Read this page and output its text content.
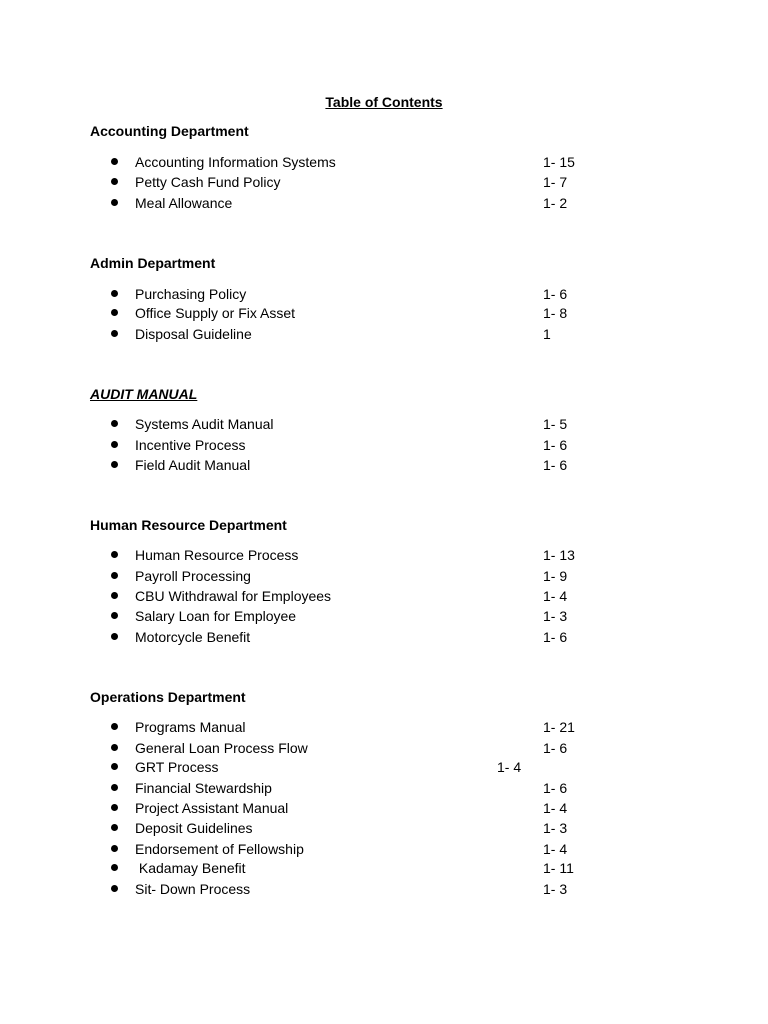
Table of Contents
Accounting Department
Accounting Information Systems	1- 15
Petty Cash Fund Policy	1- 7
Meal Allowance	1- 2
Admin Department
Purchasing Policy	1- 6
Office Supply or Fix Asset	1- 8
Disposal Guideline	1
AUDIT MANUAL
Systems Audit Manual	1- 5
Incentive Process	1- 6
Field Audit Manual	1- 6
Human Resource Department
Human Resource Process	1- 13
Payroll Processing	1- 9
CBU Withdrawal for Employees	1- 4
Salary Loan for Employee	1- 3
Motorcycle Benefit	1- 6
Operations Department
Programs Manual	1- 21
General Loan Process Flow	1- 6
GRT Process	1- 4
Financial Stewardship	1- 6
Project Assistant Manual	1- 4
Deposit Guidelines	1- 3
Endorsement of Fellowship	1- 4
Kadamay Benefit	1- 11
Sit- Down Process	1- 3
